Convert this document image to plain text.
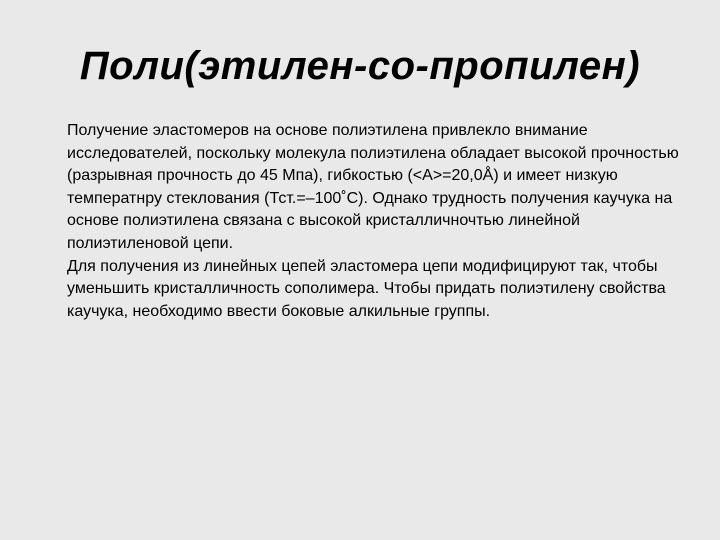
Поли(этилен-со-пропилен)

Получение эластомеров на основе полиэтилена привлекло внимание исследователей, поскольку молекула полиэтилена обладает высокой прочностью (разрывная прочность до 45 Мпа), гибкостью (<A>=20,0Å) и имеет низкую температнру стеклования (Тст.=–100˚С). Однако трудность получения каучука на основе полиэтилена связана с высокой кристалличночтью линейной полиэтиленовой цепи.

Для получения из линейных цепей эластомера цепи модифицируют так, чтобы уменьшить кристалличность сополимера. Чтобы придать полиэтилену свойства каучука, необходимо ввести боковые алкильные группы.
